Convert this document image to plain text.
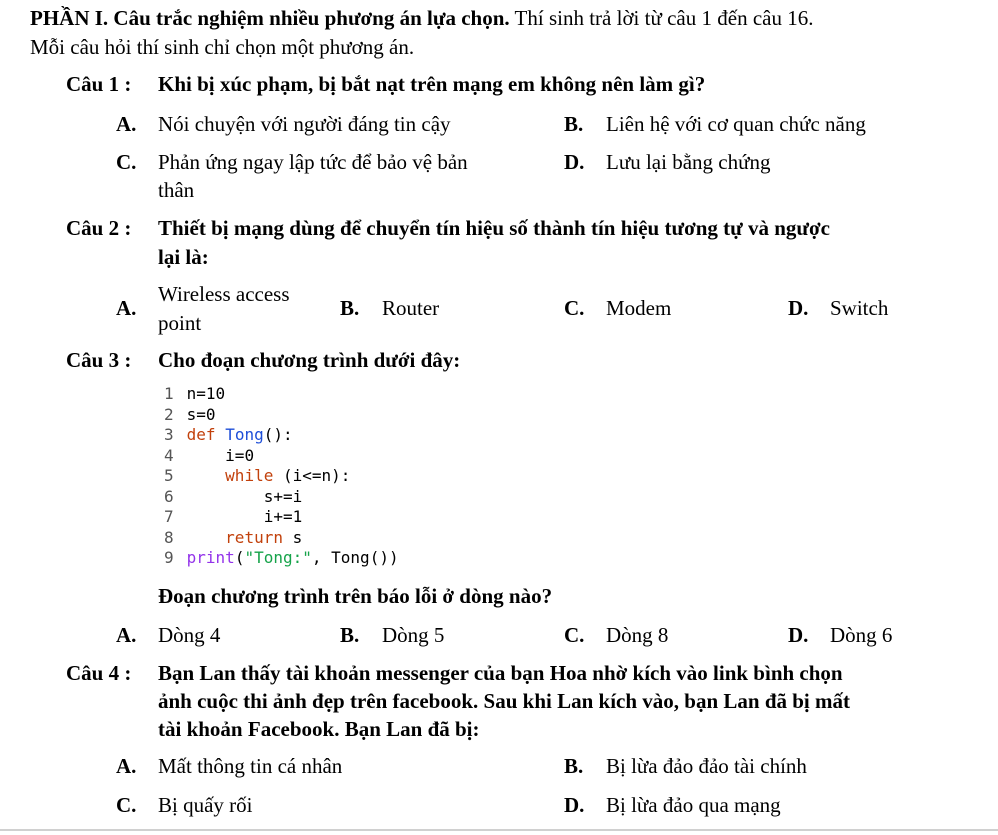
PHẦN I. Câu trắc nghiệm nhiều phương án lựa chọn. Thí sinh trả lời từ câu 1 đến câu 16.
Mỗi câu hỏi thí sinh chỉ chọn một phương án.
Câu 1 : Khi bị xúc phạm, bị bắt nạt trên mạng em không nên làm gì?
A. Nói chuyện với người đáng tin cậy	B. Liên hệ với cơ quan chức năng
C. Phản ứng ngay lập tức để bảo vệ bản
thân
D. Lưu lại bằng chứng
Câu 2 : Thiết bị mạng dùng để chuyển tín hiệu số thành tín hiệu tương tự và ngược
lại là:
A.
Wireless access
point
B. Router	C. Modem	D. Switch
Câu 3 : Cho đoạn chương trình dưới đây:
1 n=10
2 s=0
3 def Tong():
4     i=0
5     while (i<=n):
6         s+=i
7         i+=1
8     return s
9 print("Tong:", Tong())
Đoạn chương trình trên báo lỗi ở dòng nào?
A. Dòng 4	B. Dòng 5	C. Dòng 8	D. Dòng 6
Câu 4 : Bạn Lan thấy tài khoản messenger của bạn Hoa nhờ kích vào link bình chọn
ảnh cuộc thi ảnh đẹp trên facebook. Sau khi Lan kích vào, bạn Lan đã bị mất
tài khoản Facebook. Bạn Lan đã bị:
A. Mất thông tin cá nhân	B. Bị lừa đảo đảo tài chính
C. Bị quấy rối	D. Bị lừa đảo qua mạng
